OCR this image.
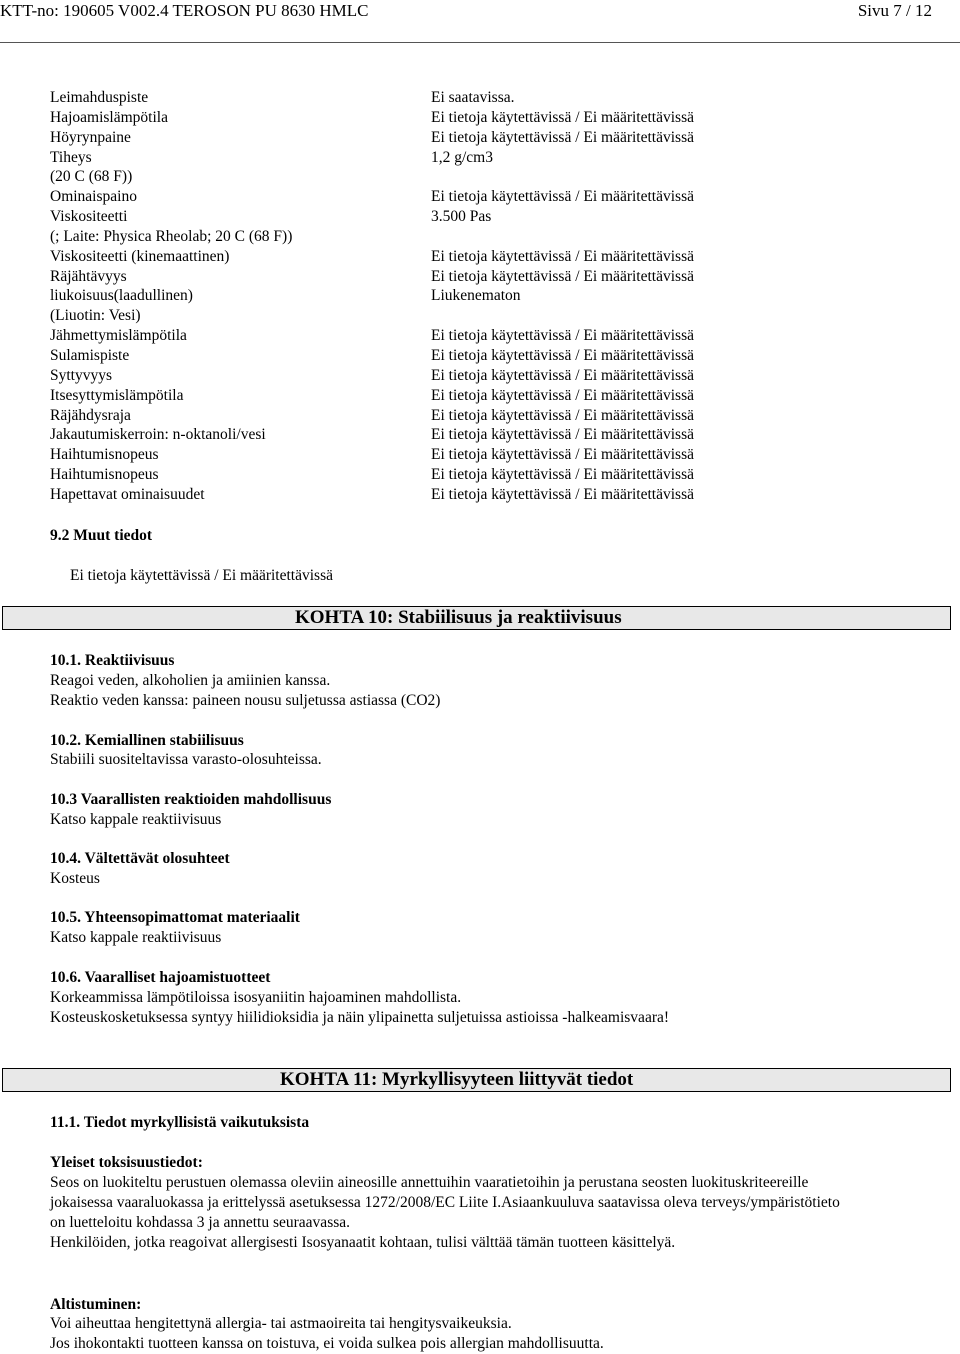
KTT-no: 190605 V002.4 TEROSON PU 8630 HMLC	Sivu 7 / 12
Leimahduspiste
Hajoamislämpötila
Höyrynpaine
Tiheys
(20 C (68 F))
Ominaispaino
Viskositeetti
(; Laite: Physica Rheolab; 20 C (68 F))
Viskositeetti (kinemaattinen)
Räjähtävyys
liukoisuus(laadullinen)
(Liuotin: Vesi)
Jähmettymislämpötila
Sulamispiste
Syttyvyys
Itsesyttymislämpötila
Räjähdysraja
Jakautumiskerroin: n-oktanoli/vesi
Haihtumisnopeus
Haihtumisnopeus
Hapettavat ominaisuudet
Ei saatavissa.
Ei tietoja käytettävissä / Ei määritettävissä
Ei tietoja käytettävissä / Ei määritettävissä
1,2 g/cm3
Ei tietoja käytettävissä / Ei määritettävissä
3.500 Pas
Ei tietoja käytettävissä / Ei määritettävissä
Ei tietoja käytettävissä / Ei määritettävissä
Liukenematon
Ei tietoja käytettävissä / Ei määritettävissä
Ei tietoja käytettävissä / Ei määritettävissä
Ei tietoja käytettävissä / Ei määritettävissä
Ei tietoja käytettävissä / Ei määritettävissä
Ei tietoja käytettävissä / Ei määritettävissä
Ei tietoja käytettävissä / Ei määritettävissä
Ei tietoja käytettävissä / Ei määritettävissä
Ei tietoja käytettävissä / Ei määritettävissä
Ei tietoja käytettävissä / Ei määritettävissä
9.2 Muut tiedot
Ei tietoja käytettävissä / Ei määritettävissä
KOHTA 10: Stabiilisuus ja reaktiivisuus
10.1. Reaktiivisuus
Reagoi veden, alkoholien ja amiinien kanssa.
Reaktio veden kanssa: paineen nousu suljetussa astiassa (CO2)
10.2. Kemiallinen stabiilisuus
Stabiili suositeltavissa varasto-olosuhteissa.
10.3 Vaarallisten reaktioiden mahdollisuus
Katso kappale reaktiivisuus
10.4. Vältettävät olosuhteet
Kosteus
10.5. Yhteensopimattomat materiaalit
Katso kappale reaktiivisuus
10.6. Vaaralliset hajoamistuotteet
Korkeammissa lämpötiloissa isosyaniitin hajoaminen mahdollista.
Kosteuskosketuksessa syntyy hiilidioksidia ja näin ylipainetta suljetuissa astioissa -halkeamisvaara!
KOHTA 11: Myrkyllisyyteen liittyvät tiedot
11.1. Tiedot myrkyllisistä vaikutuksista
Yleiset toksisuustiedot:
Seos on luokiteltu perustuen olemassa oleviin aineosille annettuihin vaaratietoihin ja perustana seosten luokituskriteereille
jokaisessa vaaraluokassa ja erittelyssä asetuksessa 1272/2008/EC Liite I.Asiaankuuluva saatavissa oleva terveys/ympäristötieto
on luetteloitu kohdassa 3 ja annettu seuraavassa.
Henkilöiden, jotka reagoivat allergisesti Isosyanaatit kohtaan, tulisi välttää tämän tuotteen käsittelyä.
Altistuminen:
Voi aiheuttaa hengitettynä allergia- tai astmaoireita tai hengitysvaikeuksia.
Jos ihokontakti tuotteen kanssa on toistuva, ei voida sulkea pois allergian mahdollisuutta.
